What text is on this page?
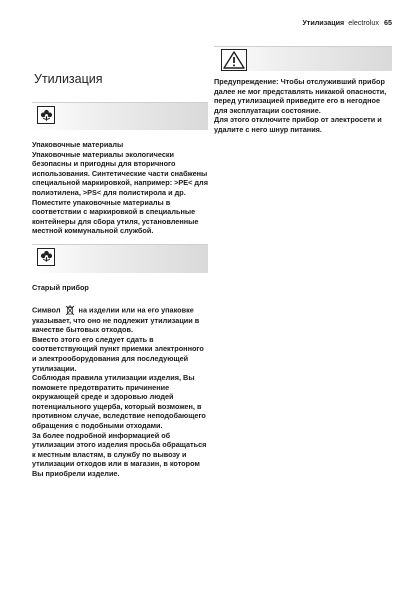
Утилизация electrolux 65
Утилизация
Упаковочные материалы
Упаковочные материалы экологически безопасны и пригодны для вторичного использования. Синтетические части снабжены специальной маркировкой, например: >PE< для полиэтилена, >PS< для полистирола и др. Поместите упаковочные материалы в соответствии с маркировкой в специальные контейнеры для сбора утиля, установленные местной коммунальной службой.
Старый прибор
Символ на изделии или на его упаковке указывает, что оно не подлежит утилизации в качестве бытовых отходов.
Вместо этого его следует сдать в соответствующий пункт приемки электронного и электрооборудования для последующей утилизации.
Соблюдая правила утилизации изделия, Вы поможете предотвратить причинение окружающей среде и здоровью людей потенциального ущерба, который возможен, в противном случае, вследствие неподобающего обращения с подобными отходами.
За более подробной информацией об утилизации этого изделия просьба обращаться к местным властям, в службу по вывозу и утилизации отходов или в магазин, в котором Вы приобрели изделие.
Предупреждение: Чтобы отслуживший прибор далее не мог представлять никакой опасности, перед утилизацией приведите его в негодное для эксплуатации состояние.
Для этого отключите прибор от электросети и удалите с него шнур питания.
